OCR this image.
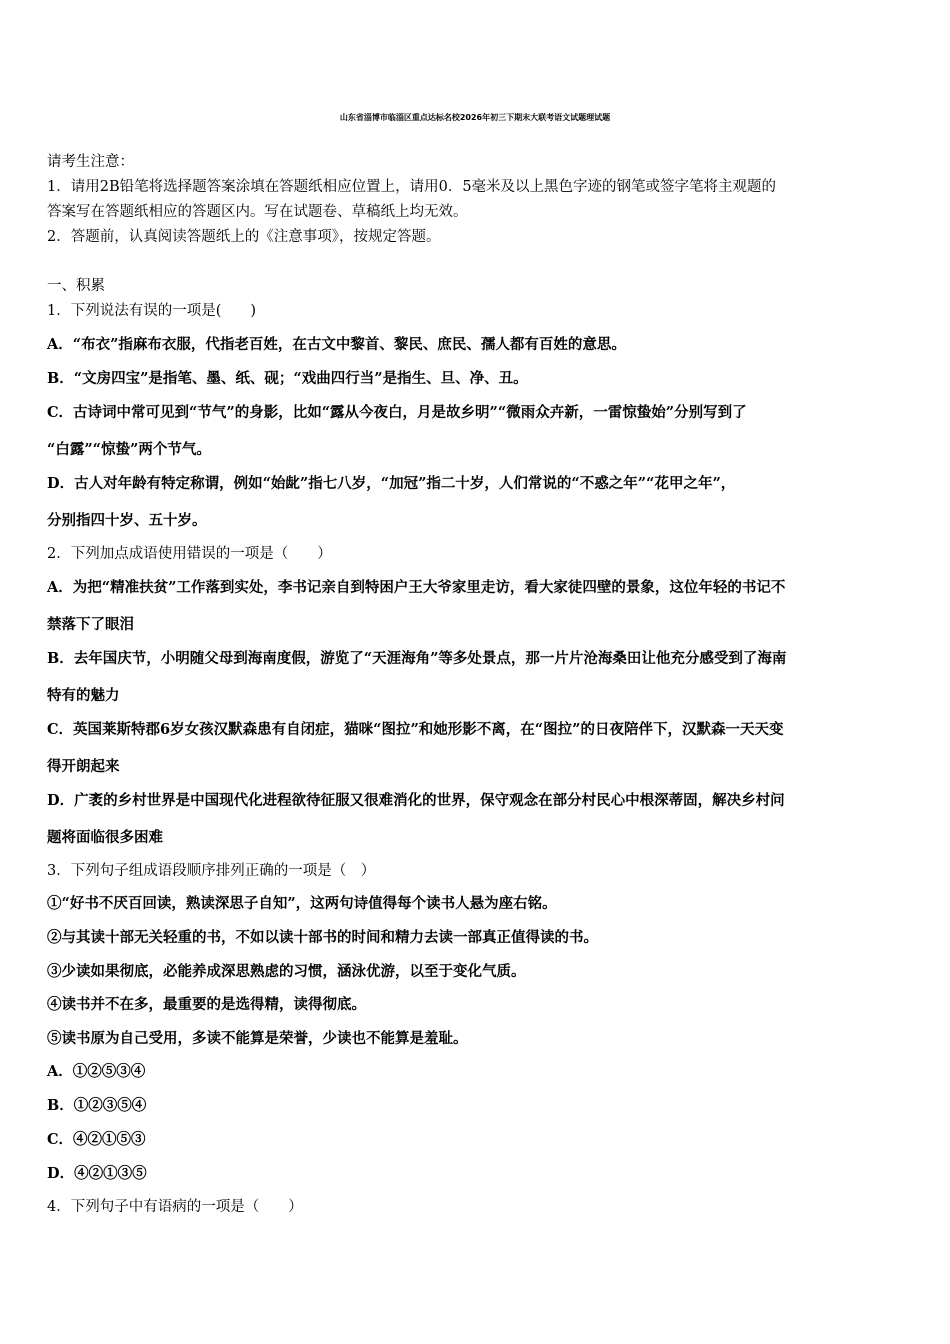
山东省淄博市临淄区重点达标名校2026年初三下期末大联考语文试题理试题
请考生注意：
1．请用2B铅笔将选择题答案涂填在答题纸相应位置上，请用0．5毫米及以上黑色字迹的钢笔或签字笔将主观题的
答案写在答题纸相应的答题区内。写在试题卷、草稿纸上均无效。
2．答题前，认真阅读答题纸上的《注意事项》，按规定答题。
一、积累
1．下列说法有误的一项是(　　)
A．“布衣”指麻布衣服，代指老百姓，在古文中黎首、黎民、庶民、孺人都有百姓的意思。
B．“文房四宝”是指笔、墨、纸、砚；“戏曲四行当”是指生、旦、净、丑。
C．古诗词中常可见到“节气”的身影，比如“露从今夜白，月是故乡明”“微雨众卉新，一雷惊蛰始”分别写到了
“白露”“惊蛰”两个节气。
D．古人对年龄有特定称谓，例如“始龀”指七八岁，“加冠”指二十岁，人们常说的“不惑之年”“花甲之年”，
分别指四十岁、五十岁。
2．下列加点成语使用错误的一项是（　　）
A．为把“精准扶贫”工作落到实处，李书记亲自到特困户王大爷家里走访，看大家徒四壁的景象，这位年轻的书记不
禁落下了眼泪
B．去年国庆节，小明随父母到海南度假，游览了“天涯海角”等多处景点，那一片片沧海桑田让他充分感受到了海南
特有的魅力
C．英国莱斯特郡6岁女孩汉默森患有自闭症，猫咪“图拉”和她形影不离，在“图拉”的日夜陪伴下，汉默森一天天变
得开朗起来
D．广袤的乡村世界是中国现代化进程欲待征服又很难消化的世界，保守观念在部分村民心中根深蒂固，解决乡村问
题将面临很多困难
3．下列句子组成语段顺序排列正确的一项是（　）
①“好书不厌百回读，熟读深思子自知”，这两句诗值得每个读书人悬为座右铭。
②与其读十部无关轻重的书，不如以读十部书的时间和精力去读一部真正值得读的书。
③少读如果彻底，必能养成深思熟虑的习惯，涵泳优游，以至于变化气质。
④读书并不在多，最重要的是选得精，读得彻底。
⑤读书原为自己受用，多读不能算是荣誉，少读也不能算是羞耻。
A．①②⑤③④
B．①②③⑤④
C．④②①⑤③
D．④②①③⑤
4．下列句子中有语病的一项是（　　）
